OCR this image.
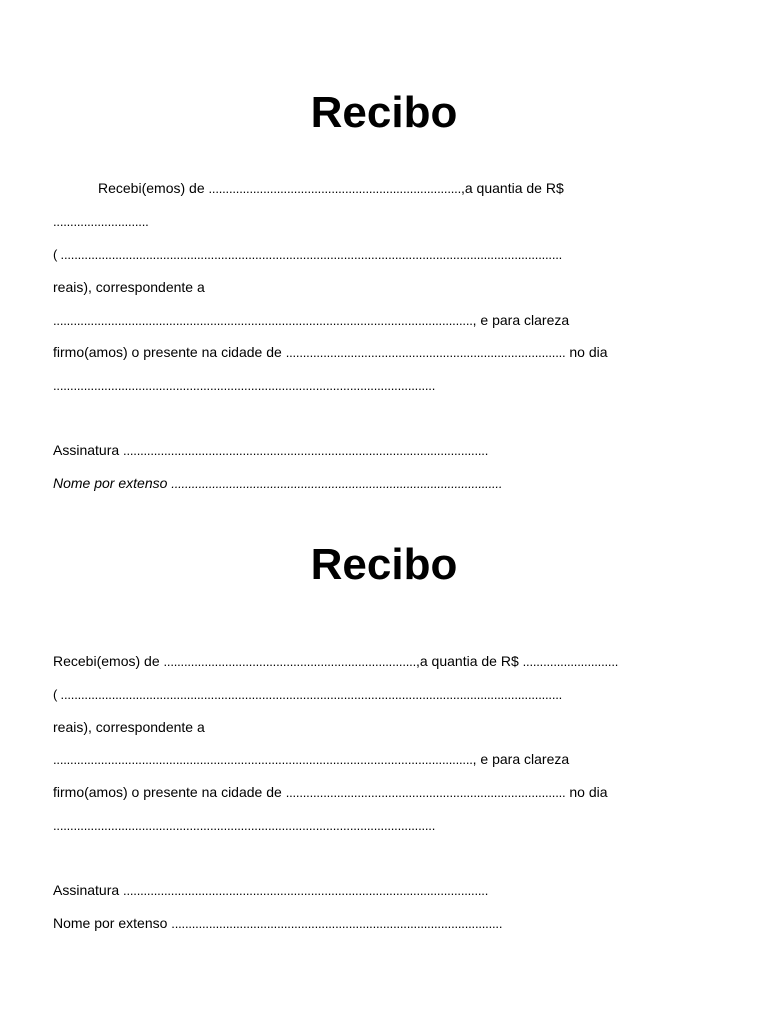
Recibo

Recebi(emos) de ..........................................................................,a quantia de R$

............................

( ...................................................................................................................................................

reais), correspondente a

..........................................................................................................................., e para clareza

firmo(amos) o presente na cidade de .................................................................................. no dia

................................................................................................................

Assinatura ...........................................................................................................

Nome por extenso .................................................................................................

Recibo

Recebi(emos) de ..........................................................................,a quantia de R$ ............................

( ...................................................................................................................................................

reais), correspondente a

..........................................................................................................................., e para clareza

firmo(amos) o presente na cidade de .................................................................................. no dia

................................................................................................................

Assinatura ...........................................................................................................

Nome por extenso .................................................................................................
